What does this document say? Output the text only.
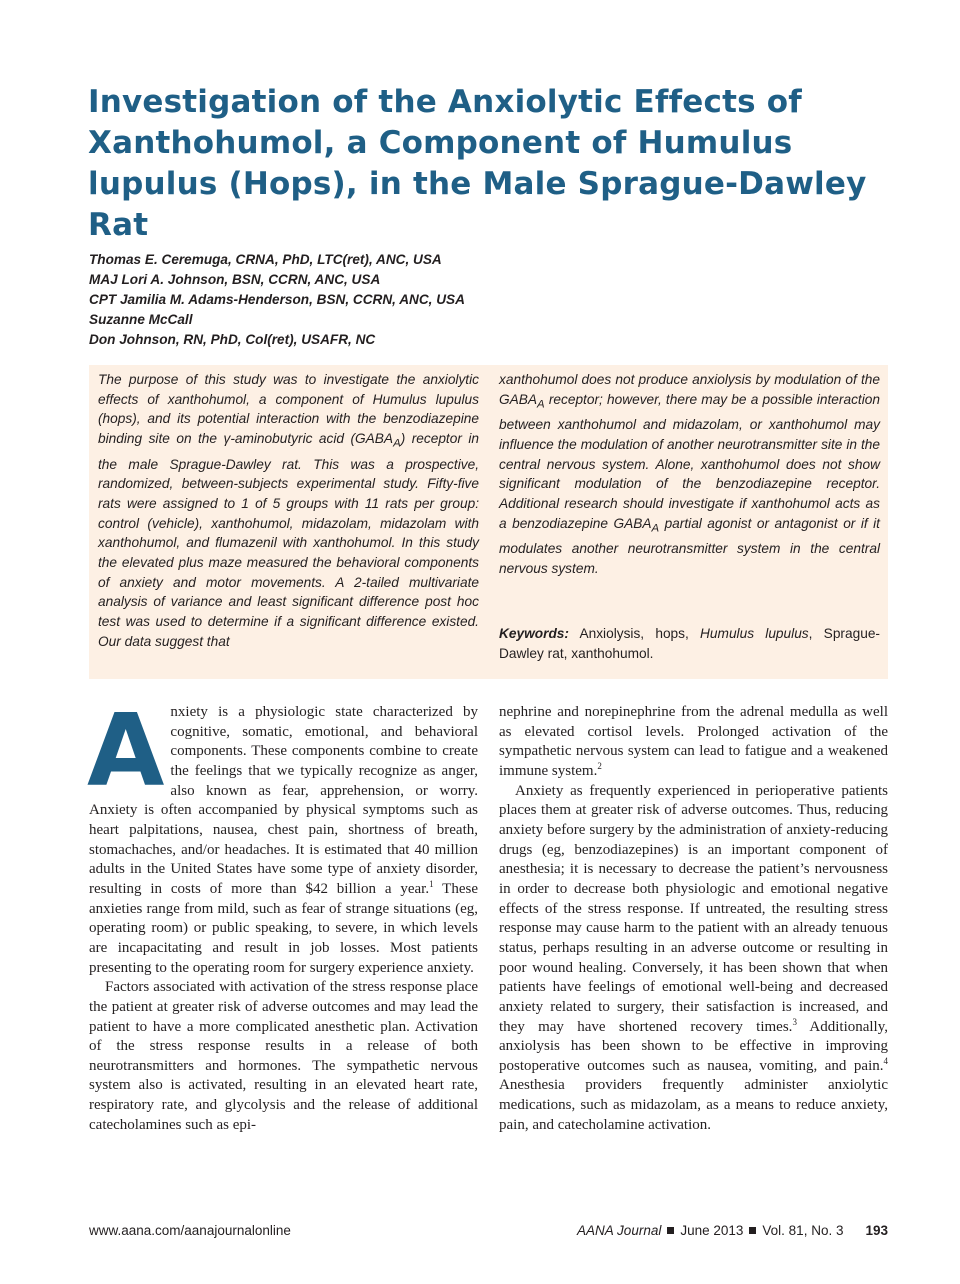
Investigation of the Anxiolytic Effects of Xanthohumol, a Component of Humulus lupulus (Hops), in the Male Sprague-Dawley Rat
Thomas E. Ceremuga, CRNA, PhD, LTC(ret), ANC, USA
MAJ Lori A. Johnson, BSN, CCRN, ANC, USA
CPT Jamilia M. Adams-Henderson, BSN, CCRN, ANC, USA
Suzanne McCall
Don Johnson, RN, PhD, Col(ret), USAFR, NC
The purpose of this study was to investigate the anxiolytic effects of xanthohumol, a component of Humulus lupulus (hops), and its potential interaction with the benzodiazepine binding site on the γ-aminobutyric acid $(GABA_A)$ receptor in the male Sprague-Dawley rat. This was a prospective, randomized, between-subjects experimental study. Fifty-five rats were assigned to 1 of 5 groups with 11 rats per group: control (vehicle), xanthohumol, midazolam, midazolam with xanthohumol, and flumazenil with xanthohumol. In this study the elevated plus maze measured the behavioral components of anxiety and motor movements. A 2-tailed multivariate analysis of variance and least significant difference post hoc test was used to determine if a significant difference existed. Our data suggest that
xanthohumol does not produce anxiolysis by modulation of the $GABA_A$ receptor; however, there may be a possible interaction between xanthohumol and midazolam, or xanthohumol may influence the modulation of another neurotransmitter site in the central nervous system. Alone, xanthohumol does not show significant modulation of the benzodiazepine receptor. Additional research should investigate if xanthohumol acts as a benzodiazepine $GABA_A$ partial agonist or antagonist or if it modulates another neurotransmitter system in the central nervous system.
Keywords: Anxiolysis, hops, Humulus lupulus, Sprague-Dawley rat, xanthohumol.

Anxiety is a physiologic state characterized by cognitive, somatic, emotional, and behavioral components. These components combine to create the feelings that we typically recognize as anger, also known as fear, apprehension, or worry. Anxiety is often accompanied by physical symptoms such as heart palpitations, nausea, chest pain, shortness of breath, stomachaches, and/or headaches. It is estimated that 40 million adults in the United States have some type of anxiety disorder, resulting in costs of more than $42 billion a year.$^1$ These anxieties range from mild, such as fear of strange situations (eg, operating room) or public speaking, to severe, in which levels are incapacitating and result in job losses. Most patients presenting to the operating room for surgery experience anxiety.

Factors associated with activation of the stress response place the patient at greater risk of adverse outcomes and may lead the patient to have a more complicated anesthetic plan. Activation of the stress response results in a release of both neurotransmitters and hormones. The sympathetic nervous system also is activated, resulting in an elevated heart rate, respiratory rate, and glycolysis and the release of additional catecholamines such as epi-

nephrine and norepinephrine from the adrenal medulla as well as elevated cortisol levels. Prolonged activation of the sympathetic nervous system can lead to fatigue and a weakened immune system.$^2$

Anxiety as frequently experienced in perioperative patients places them at greater risk of adverse outcomes. Thus, reducing anxiety before surgery by the administration of anxiety-reducing drugs (eg, benzodiazepines) is an important component of anesthesia; it is necessary to decrease the patient’s nervousness in order to decrease both physiologic and emotional negative effects of the stress response. If untreated, the resulting stress response may cause harm to the patient with an already tenuous status, perhaps resulting in an adverse outcome or resulting in poor wound healing. Conversely, it has been shown that when patients have feelings of emotional well-being and decreased anxiety related to surgery, their satisfaction is increased, and they may have shortened recovery times.$^3$ Additionally, anxiolysis has been shown to be effective in improving postoperative outcomes such as nausea, vomiting, and pain.$^4$ Anesthesia providers frequently administer anxiolytic medications, such as midazolam, as a means to reduce anxiety, pain, and catecholamine activation.

www.aana.com/aanajournalonline	AANA Journal June 2013 Vol. 81, No. 3 193
